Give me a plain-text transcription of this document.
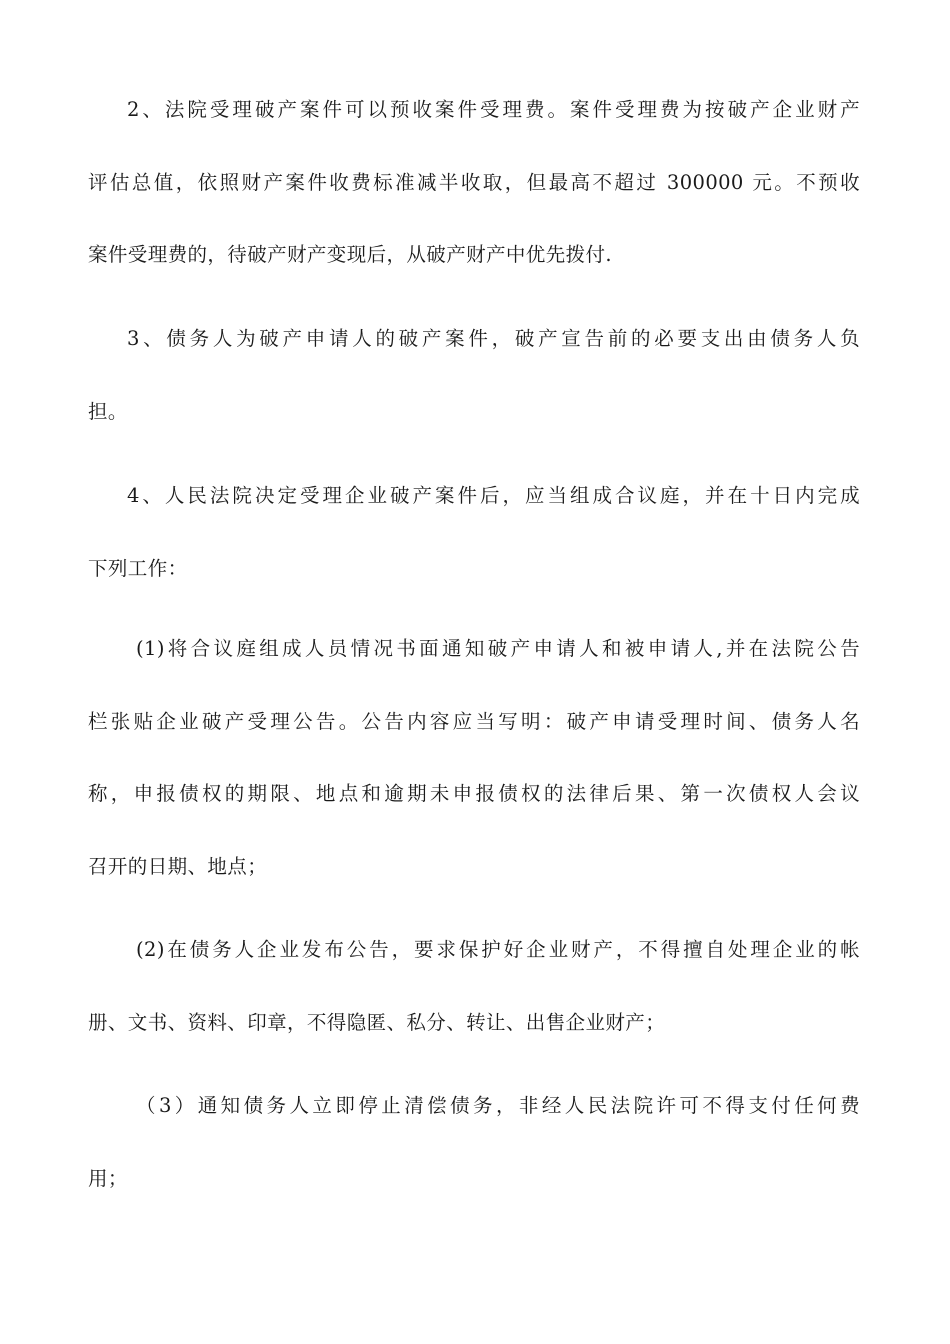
2、法院受理破产案件可以预收案件受理费。案件受理费为按破产企业财产
评估总值，依照财产案件收费标准减半收取，但最高不超过 300000 元。不预收
案件受理费的，待破产财产变现后，从破产财产中优先拨付.
3、债务人为破产申请人的破产案件，破产宣告前的必要支出由债务人负
担。
4、人民法院决定受理企业破产案件后，应当组成合议庭，并在十日内完成
下列工作：
(1)将合议庭组成人员情况书面通知破产申请人和被申请人,并在法院公告
栏张贴企业破产受理公告。公告内容应当写明：破产申请受理时间、债务人名
称，申报债权的期限、地点和逾期未申报债权的法律后果、第一次债权人会议
召开的日期、地点；
(2)在债务人企业发布公告，要求保护好企业财产，不得擅自处理企业的帐
册、文书、资料、印章，不得隐匿、私分、转让、出售企业财产；
（3）通知债务人立即停止清偿债务，非经人民法院许可不得支付任何费
用；
